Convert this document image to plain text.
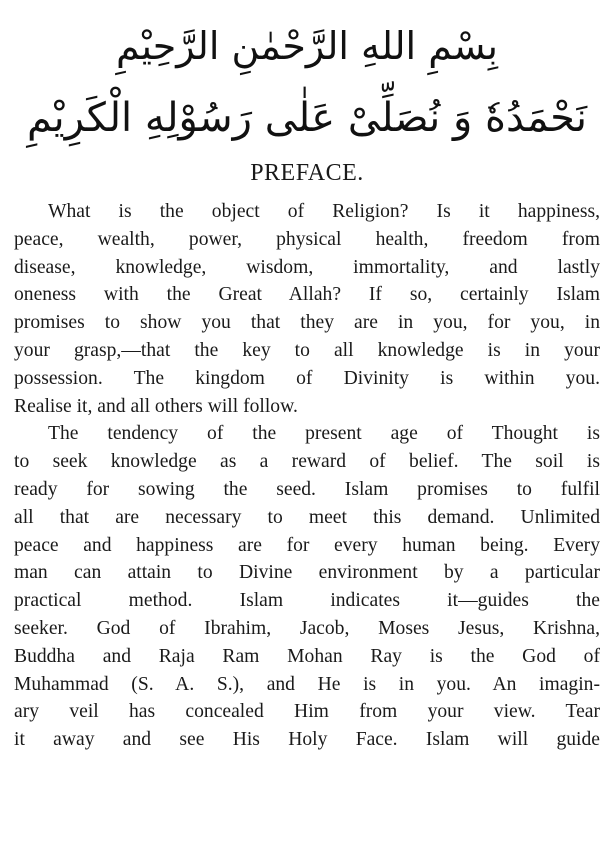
بِسْمِ اللهِ الرَّحْمٰنِ الرَّحِيْمِ
نَحْمَدُهٗ وَ نُصَلِّىْ عَلٰى رَسُوْلِهِ الْكَرِيْمِ
PREFACE.

What is the object of Religion? Is it happiness,
peace, wealth, power, physical health, freedom from
disease, knowledge, wisdom, immortality, and lastly
oneness with the Great Allah? If so, certainly Islam
promises to show you that they are in you, for you, in
your grasp,—that the key to all knowledge is in your
possession. The kingdom of Divinity is within you.
Realise it, and all others will follow.

The tendency of the present age of Thought is
to seek knowledge as a reward of belief. The soil is
ready for sowing the seed. Islam promises to fulfil
all that are necessary to meet this demand. Unlimited
peace and happiness are for every human being. Every
man can attain to Divine environment by a particular
practical method. Islam indicates it—guides the
seeker. God of Ibrahim, Jacob, Moses Jesus, Krishna,
Buddha and Raja Ram Mohan Ray is the God of
Muhammad (S. A. S.), and He is in you. An imagin-
ary veil has concealed Him from your view. Tear
it away and see His Holy Face. Islam will guide
